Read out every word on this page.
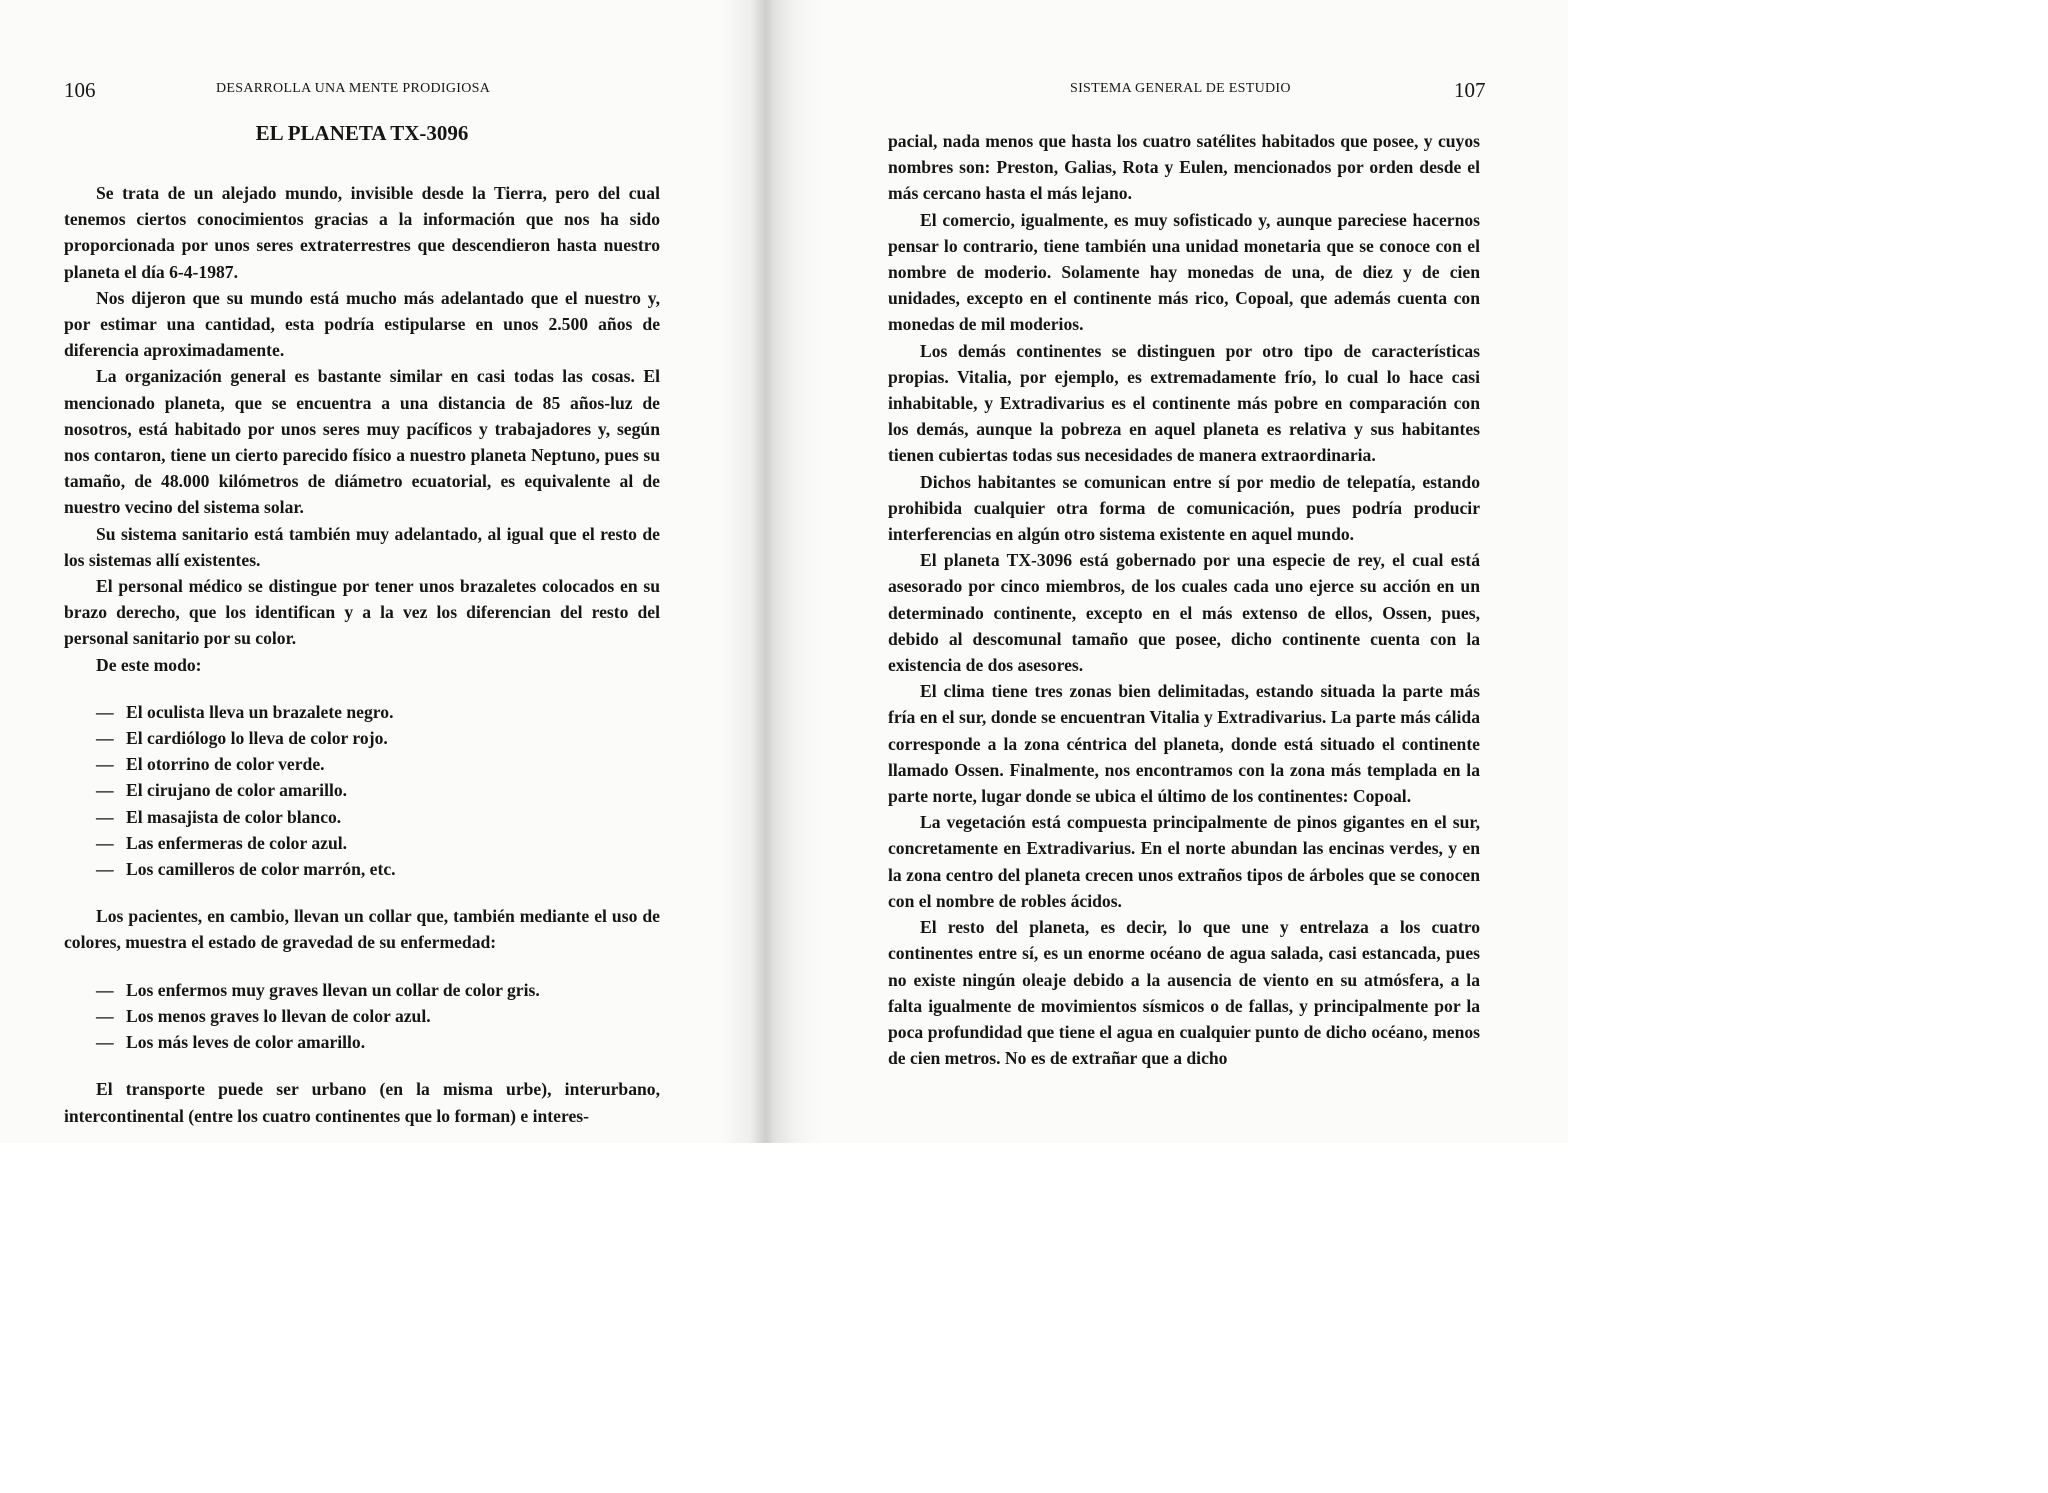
106	DESARROLLA UNA MENTE PRODIGIOSA
EL PLANETA TX-3096

Se trata de un alejado mundo, invisible desde la Tierra, pero del cual tenemos ciertos conocimientos gracias a la información que nos ha sido proporcionada por unos seres extraterrestres que descendieron hasta nuestro planeta el día 6-4-1987.

Nos dijeron que su mundo está mucho más adelantado que el nuestro y, por estimar una cantidad, esta podría estipularse en unos 2.500 años de diferencia aproximadamente.

La organización general es bastante similar en casi todas las cosas. El mencionado planeta, que se encuentra a una distancia de 85 años-luz de nosotros, está habitado por unos seres muy pacíficos y trabajadores y, según nos contaron, tiene un cierto parecido físico a nuestro planeta Neptuno, pues su tamaño, de 48.000 kilómetros de diámetro ecuatorial, es equivalente al de nuestro vecino del sistema solar.

Su sistema sanitario está también muy adelantado, al igual que el resto de los sistemas allí existentes.

El personal médico se distingue por tener unos brazaletes colocados en su brazo derecho, que los identifican y a la vez los diferencian del resto del personal sanitario por su color.

De este modo:

— El oculista lleva un brazalete negro.
— El cardiólogo lo lleva de color rojo.
— El otorrino de color verde.
— El cirujano de color amarillo.
— El masajista de color blanco.
— Las enfermeras de color azul.
— Los camilleros de color marrón, etc.

Los pacientes, en cambio, llevan un collar que, también mediante el uso de colores, muestra el estado de gravedad de su enfermedad:

— Los enfermos muy graves llevan un collar de color gris.
— Los menos graves lo llevan de color azul.
— Los más leves de color amarillo.

El transporte puede ser urbano (en la misma urbe), interurbano, intercontinental (entre los cuatro continentes que lo forman) e interes-

SISTEMA GENERAL DE ESTUDIO	107

pacial, nada menos que hasta los cuatro satélites habitados que posee, y cuyos nombres son: Preston, Galias, Rota y Eulen, mencionados por orden desde el más cercano hasta el más lejano.

El comercio, igualmente, es muy sofisticado y, aunque pareciese hacernos pensar lo contrario, tiene también una unidad monetaria que se conoce con el nombre de moderio. Solamente hay monedas de una, de diez y de cien unidades, excepto en el continente más rico, Copoal, que además cuenta con monedas de mil moderios.

Los demás continentes se distinguen por otro tipo de características propias. Vitalia, por ejemplo, es extremadamente frío, lo cual lo hace casi inhabitable, y Extradivarius es el continente más pobre en comparación con los demás, aunque la pobreza en aquel planeta es relativa y sus habitantes tienen cubiertas todas sus necesidades de manera extraordinaria.

Dichos habitantes se comunican entre sí por medio de telepatía, estando prohibida cualquier otra forma de comunicación, pues podría producir interferencias en algún otro sistema existente en aquel mundo.

El planeta TX-3096 está gobernado por una especie de rey, el cual está asesorado por cinco miembros, de los cuales cada uno ejerce su acción en un determinado continente, excepto en el más extenso de ellos, Ossen, pues, debido al descomunal tamaño que posee, dicho continente cuenta con la existencia de dos asesores.

El clima tiene tres zonas bien delimitadas, estando situada la parte más fría en el sur, donde se encuentran Vitalia y Extradivarius. La parte más cálida corresponde a la zona céntrica del planeta, donde está situado el continente llamado Ossen. Finalmente, nos encontramos con la zona más templada en la parte norte, lugar donde se ubica el último de los continentes: Copoal.

La vegetación está compuesta principalmente de pinos gigantes en el sur, concretamente en Extradivarius. En el norte abundan las encinas verdes, y en la zona centro del planeta crecen unos extraños tipos de árboles que se conocen con el nombre de robles ácidos.

El resto del planeta, es decir, lo que une y entrelaza a los cuatro continentes entre sí, es un enorme océano de agua salada, casi estancada, pues no existe ningún oleaje debido a la ausencia de viento en su atmósfera, a la falta igualmente de movimientos sísmicos o de fallas, y principalmente por la poca profundidad que tiene el agua en cualquier punto de dicho océano, menos de cien metros. No es de extrañar que a dicho
